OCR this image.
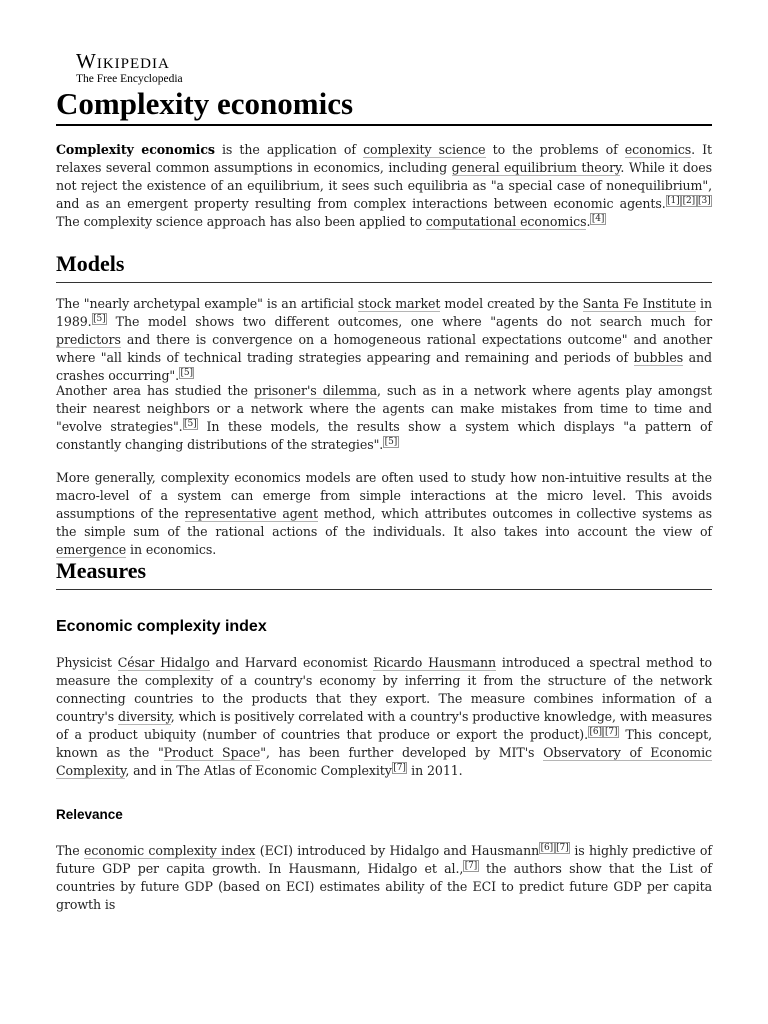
Wikipedia
The Free Encyclopedia
Complexity economics

Complexity economics is the application of complexity science to the problems of economics. It relaxes several common assumptions in economics, including general equilibrium theory. While it does not reject the existence of an equilibrium, it sees such equilibria as "a special case of nonequilibrium", and as an emergent property resulting from complex interactions between economic agents. [1] [2] [3] The complexity science approach has also been applied to computational economics. [4]

Models

The "nearly archetypal example" is an artificial stock market model created by the Santa Fe Institute in 1989. [5] The model shows two different outcomes, one where "agents do not search much for predictors and there is convergence on a homogeneous rational expectations outcome" and another where "all kinds of technical trading strategies appearing and remaining and periods of bubbles and crashes occurring". [5]

Another area has studied the prisoner's dilemma, such as in a network where agents play amongst their nearest neighbors or a network where the agents can make mistakes from time to time and "evolve strategies". [5] In these models, the results show a system which displays "a pattern of constantly changing distributions of the strategies". [5]

More generally, complexity economics models are often used to study how non-intuitive results at the macro-level of a system can emerge from simple interactions at the micro level. This avoids assumptions of the representative agent method, which attributes outcomes in collective systems as the simple sum of the rational actions of the individuals. It also takes into account the view of emergence in economics.

Measures
Economic complexity index

Physicist César Hidalgo and Harvard economist Ricardo Hausmann introduced a spectral method to measure the complexity of a country's economy by inferring it from the structure of the network connecting countries to the products that they export. The measure combines information of a country's diversity, which is positively correlated with a country's productive knowledge, with measures of a product ubiquity (number of countries that produce or export the product). [6] [7] This concept, known as the "Product Space", has been further developed by MIT's Observatory of Economic Complexity, and in The Atlas of Economic Complexity [7] in 2011.

Relevance

The economic complexity index (ECI) introduced by Hidalgo and Hausmann [6] [7] is highly predictive of future GDP per capita growth. In Hausmann, Hidalgo et al., [7] the authors show that the List of countries by future GDP (based on ECI) estimates ability of the ECI to predict future GDP per capita growth is
